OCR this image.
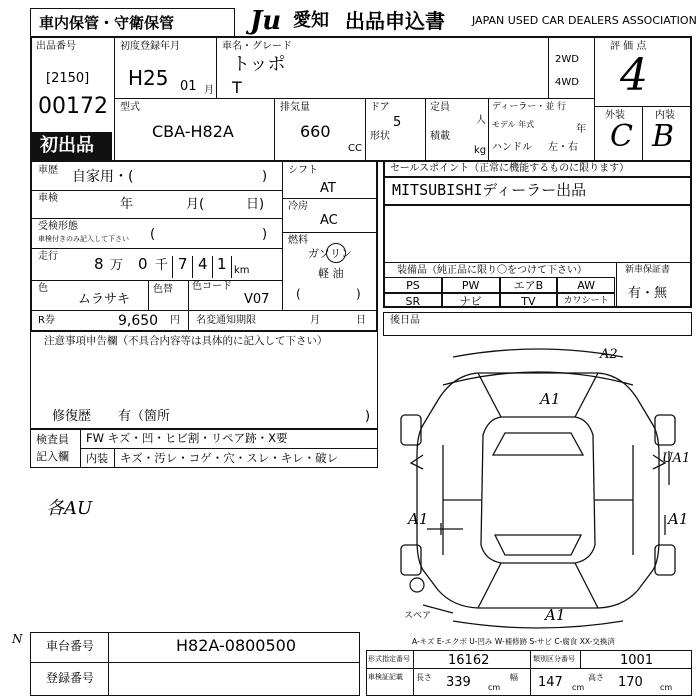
車内保管・守衛保管	Ju 愛知 出品申込書 JAPAN USED CAR DEALERS ASSOCIATION
出品番号
[2150]
00172
初出品
初度登録年月
H25 01 月
車名・グレード
トッポ
T
2WD
4WD
評 価 点
4
外装	内装
C B
型式
CBA-H82A
排気量
660
CC
ドア
5
形状
定員
人
積載
kg
ディーラー・並 行
モデル 年式	年
ハンドル 左・右
車歴 自家用・(	)
車検	年	月(	日)
受検形態
車検付きのみ記入して下さい (	)
走行 8 万 0 千 7 4 1 km
色
ムラサキ
色替 色コード
V07
R券	9,650 円 名変通知期限	月	日
シフト
AT
冷房
AC
燃料
ガソリン
軽 油
(	)
セールスポイント（正常に機能するものに限ります）
MITSUBISHIディーラー出品
装備品（純正品に限り〇をつけて下さい）	新車保証書
有・無
PS	PW	エアB	AW
SR	ナビ	TV	カワシート
後日品
注意事項申告欄（不具合内容等は具体的に記入して下さい）
修復歴 有（箇所	)
検査員
記入欄
FW キズ・凹・ヒビ割・リペア跡・X要
内装 キズ・汚レ・コゲ・穴・スレ・キレ・破レ
各AU
A2
A1
UA1
A1	A1
A1
スペア
A-キズ E-エクボ U-凹み W-補修跡 S-サビ C-腐食 XX-交換済
N 車台番号	H82A-0800500
登録番号
形式指定番号	16162	類別区分番号	1001
車検証記載 長さ 339 cm
幅 147 cm
高さ 170 cm
